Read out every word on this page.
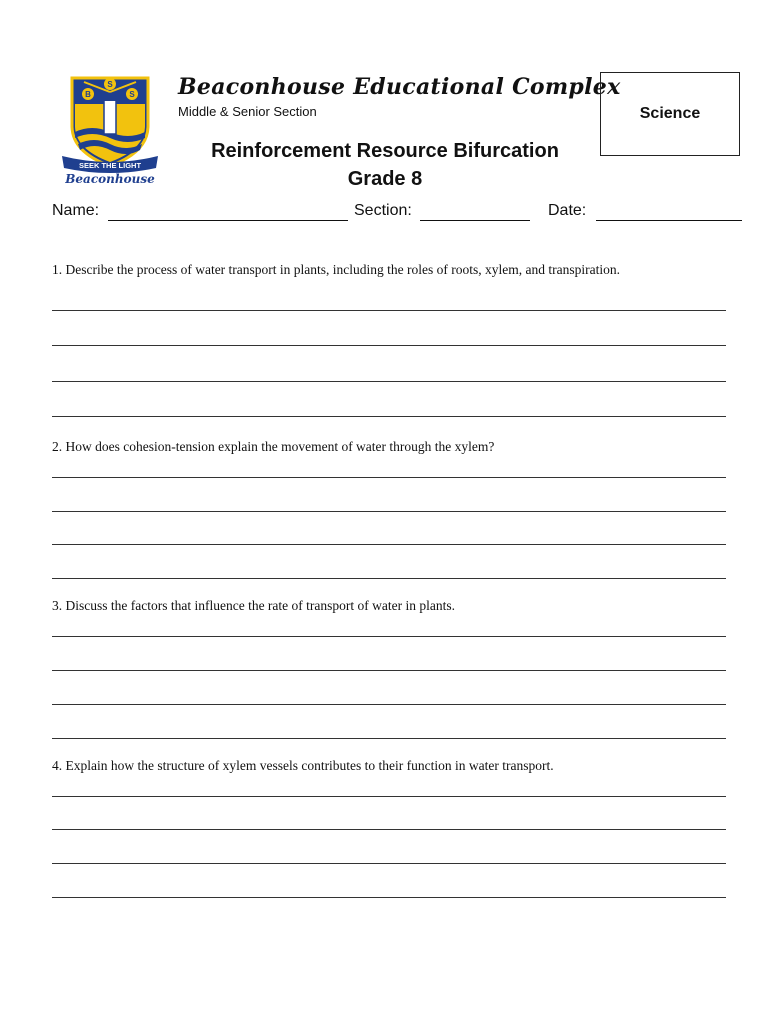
B
S
S
SEEK THE LIGHT
Beaconhouse
Beaconhouse Educational Complex
Middle & Senior Section	Science
Reinforcement Resource Bifurcation
Grade 8
Name:	Section:	Date:
1. Describe the process of water transport in plants, including the roles of roots, xylem, and transpiration.
2. How does cohesion-tension explain the movement of water through the xylem?
3. Discuss the factors that influence the rate of transport of water in plants.
4. Explain how the structure of xylem vessels contributes to their function in water transport.
